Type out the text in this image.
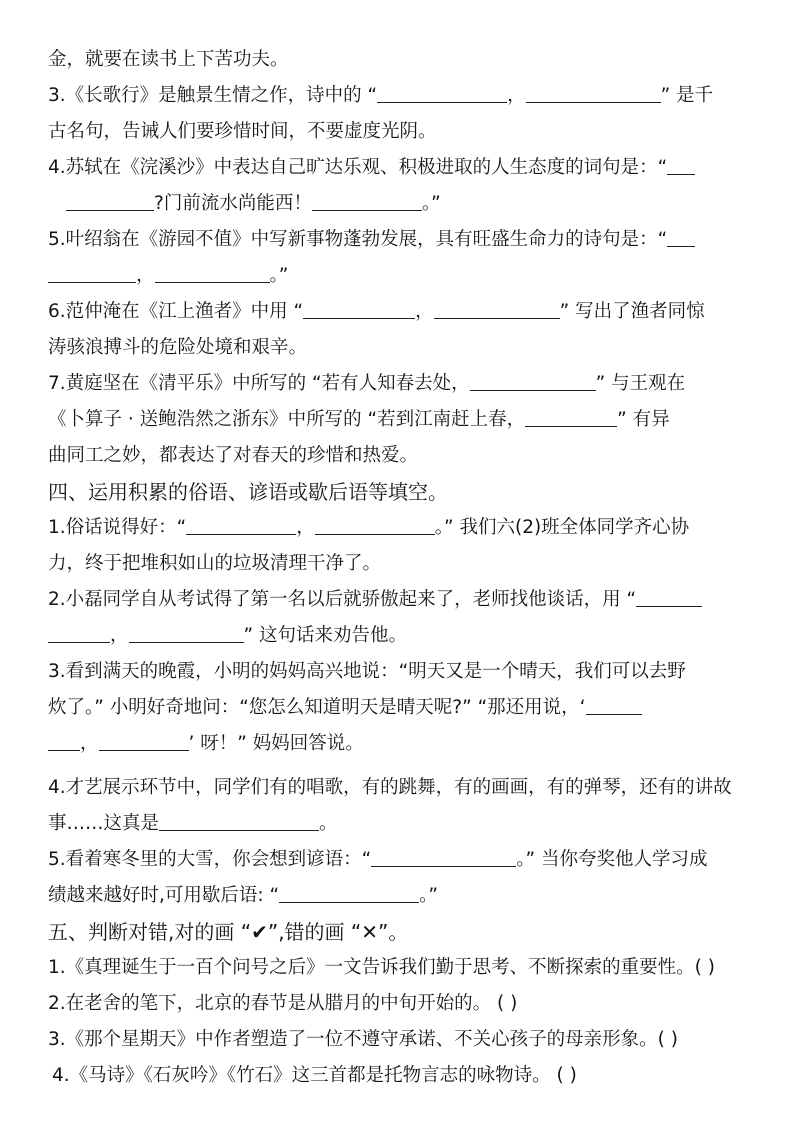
金，就要在读书上下苦功夫。
3.《长歌行》是触景生情之作，诗中的 “	，	” 是千
古名句，告诫人们要珍惜时间，不要虚度光阴。
4.苏轼在《浣溪沙》中表达自己旷达乐观、积极进取的人生态度的词句是：“
?门前流水尚能西！	。”
5.叶绍翁在《游园不值》中写新事物蓬勃发展，具有旺盛生命力的诗句是：“
，	。”
6.范仲淹在《江上渔者》中用 “	，	” 写出了渔者同惊
涛骇浪搏斗的危险处境和艰辛。
7.黄庭坚在《清平乐》中所写的 “若有人知春去处，	” 与王观在
《卜算子 · 送鲍浩然之浙东》中所写的 “若到江南赶上春，	” 有异
曲同工之妙，都表达了对春天的珍惜和热爱。
四、运用积累的俗语、谚语或歇后语等填空。
1.俗话说得好：“	，	。” 我们六(2)班全体同学齐心协
力，终于把堆积如山的垃圾清理干净了。
2.小磊同学自从考试得了第一名以后就骄傲起来了，老师找他谈话，用 “
，	” 这句话来劝告他。
3.看到满天的晚霞，小明的妈妈高兴地说：“明天又是一个晴天，我们可以去野
炊了。” 小明好奇地问：“您怎么知道明天是晴天呢?” “那还用说，‘
，	’ 呀！” 妈妈回答说。
4.才艺展示环节中，同学们有的唱歌，有的跳舞，有的画画，有的弹琴，还有的讲故
事……这真是	。
5.看着寒冬里的大雪，你会想到谚语：“	。” 当你夸奖他人学习成
绩越来越好时,可用歇后语: “	。”
五、判断对错,对的画 “✔”,错的画 “✕”。
1.《真理诞生于一百个问号之后》一文告诉我们勤于思考、不断探索的重要性。( )
2.在老舍的笔下，北京的春节是从腊月的中旬开始的。 ( )
3.《那个星期天》中作者塑造了一位不遵守承诺、不关心孩子的母亲形象。( )
4.《马诗》《石灰吟》《竹石》这三首都是托物言志的咏物诗。 ( )
